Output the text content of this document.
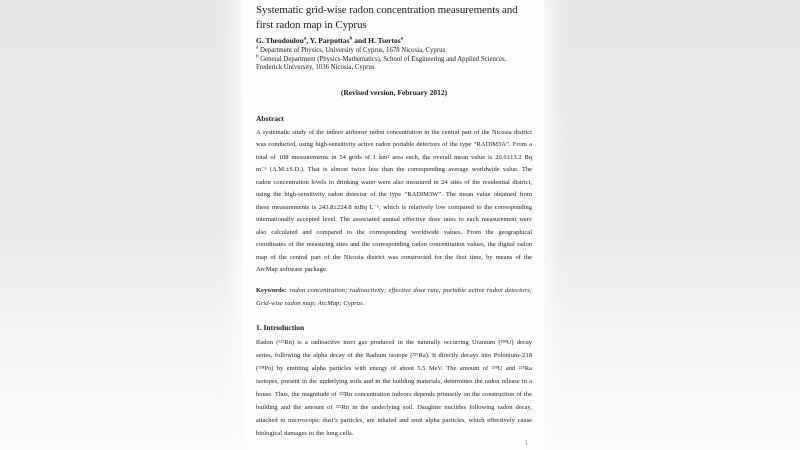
Systematic grid-wise radon concentration measurements and first radon map in Cyprus

G. Theodoulou$^a$, Y. Parpottas$^b$ and H. Tsertos$^a$

$^a$ Department of Physics, University of Cyprus, 1678 Nicosia, Cyprus

$^b$ General Department (Physics-Mathematics), School of Engineering and Applied Sciences, Frederick University, 1036 Nicosia, Cyprus

(Revised version, February 2012)

Abstract

A systematic study of the indoor airborne radon concentration in the central part of the Nicosia district was conducted, using high-sensitivity active radon portable detectors of the type “RADIM3A”. From a total of 108 measurements in 54 grids of 1 km² area each, the overall mean value is 20.6±13.2 Bq m⁻³ (A.M.±S.D.). That is almost twice less than the corresponding average worldwide value. The radon concentration levels in drinking water were also measured in 24 sites of the residential district, using the high-sensitivity radon detector of the type “RADIM3W”. The mean value obtained from these measurements is 243.8±224.8 mBq L⁻¹, which is relatively low compared to the corresponding internationally accepted level. The associated annual effective dose rates to each measurement were also calculated and compared to the corresponding worldwide values. From the geographical coordinates of the measuring sites and the corresponding radon concentration values, the digital radon map of the central part of the Nicosia district was constructed for the first time, by means of the ArcMap software package.

Keywords: radon concentration; radioactivity; effective dose rate; portable active radon detectors; Grid-wise radon map; ArcMap; Cyprus.

1. Introduction

Radon (²²²Rn) is a radioactive inert gas produced in the naturally occurring Uranium (²³⁸U) decay series, following the alpha decay of the Radium isotope (²²⁶Ra). It directly decays into Polonium–218 (²¹⁸Po) by emitting alpha particles with energy of about 5.5 MeV. The amount of ²³⁸U and ²²⁶Ra isotopes, present in the underlying soils and in the building materials, determines the radon release in a house. Thus, the magnitude of ²²²Rn concentration indoors depends primarily on the construction of the building and the amount of ²²²Rn in the underlying soil. Daughter nuclides following radon decay, attached to microscopic dust’s particles, are inhaled and emit alpha particles, which effectively cause biological damages to the lung cells.

1
